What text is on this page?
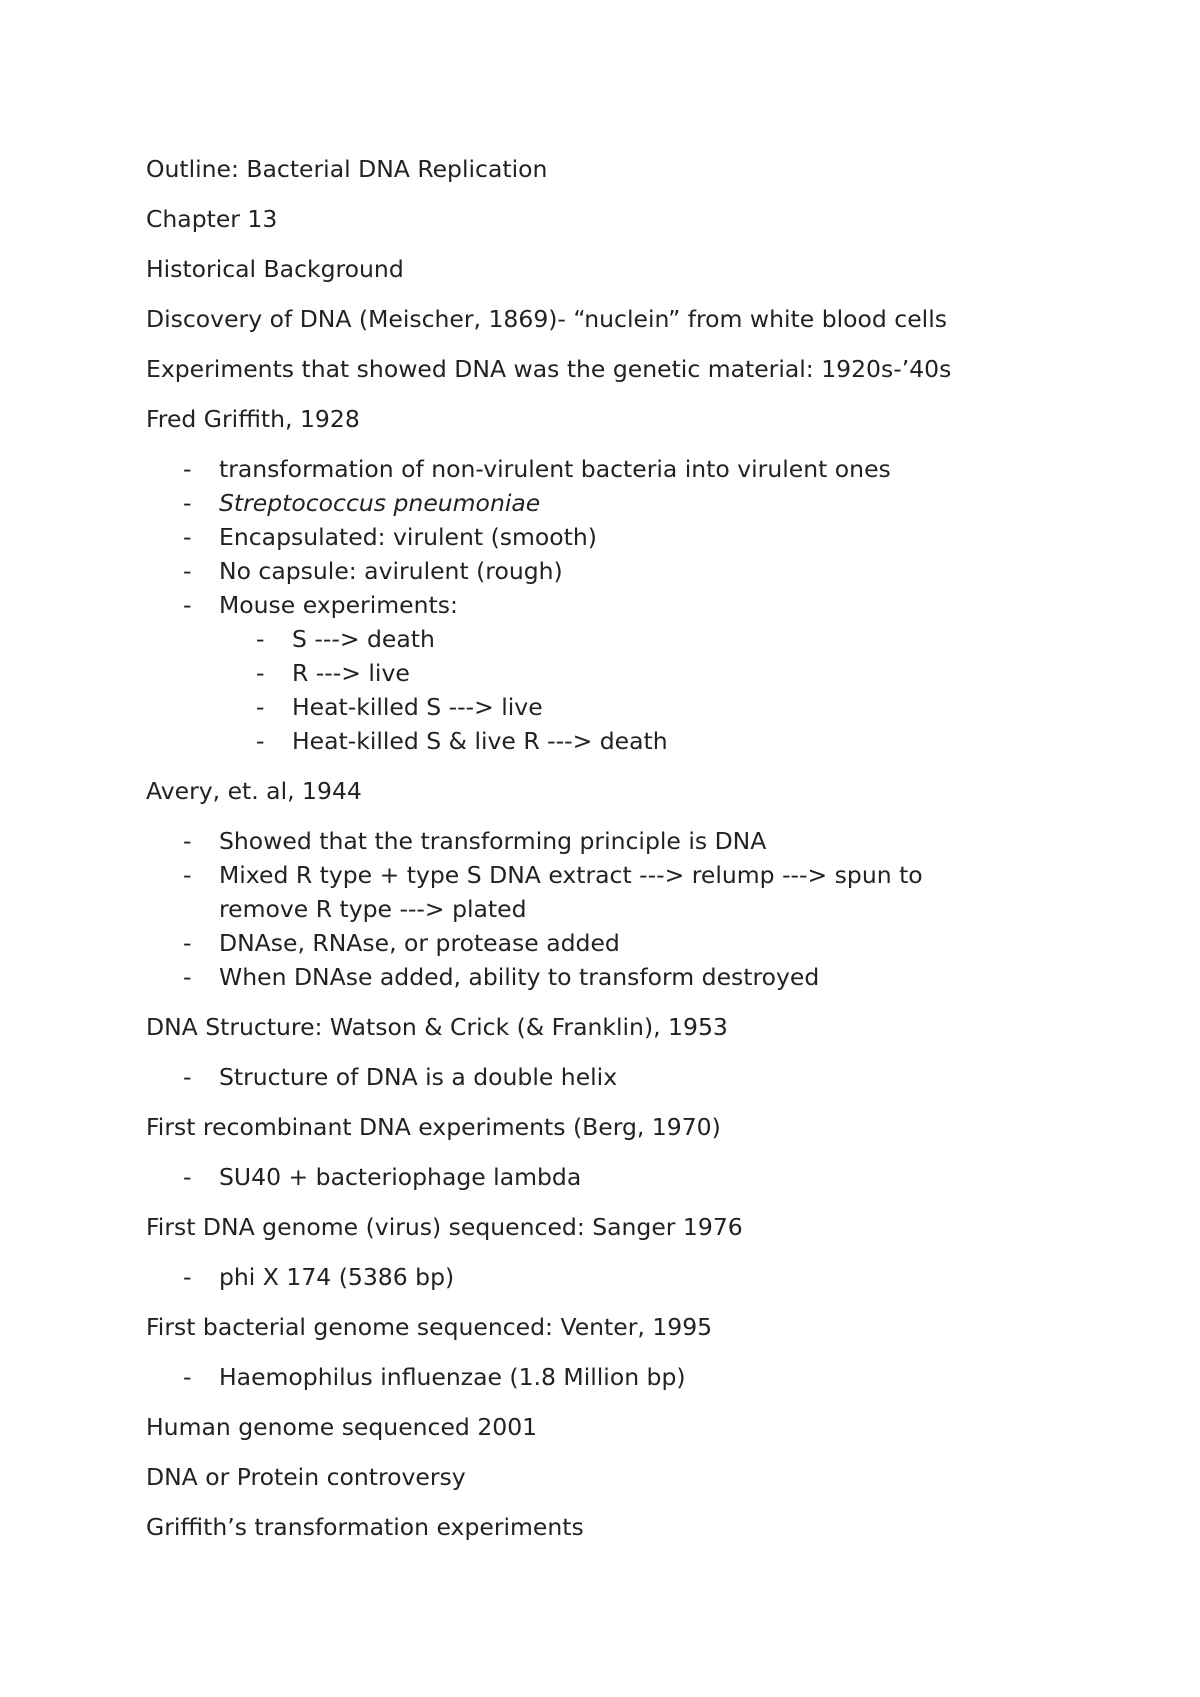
Outline: Bacterial DNA Replication

Chapter 13

Historical Background

Discovery of DNA (Meischer, 1869)- “nuclein” from white blood cells

Experiments that showed DNA was the genetic material: 1920s-’40s

Fred Griffith, 1928

- transformation of non-virulent bacteria into virulent ones
- Streptococcus pneumoniae
- Encapsulated: virulent (smooth)
- No capsule: avirulent (rough)
- Mouse experiments:
- S ---> death
- R ---> live
- Heat-killed S ---> live
- Heat-killed S & live R ---> death

Avery, et. al, 1944

- Showed that the transforming principle is DNA
- Mixed R type + type S DNA extract ---> relump ---> spun to remove R type ---> plated
- DNAse, RNAse, or protease added
- When DNAse added, ability to transform destroyed

DNA Structure: Watson & Crick (& Franklin), 1953

- Structure of DNA is a double helix

First recombinant DNA experiments (Berg, 1970)

- SU40 + bacteriophage lambda

First DNA genome (virus) sequenced: Sanger 1976

- phi X 174 (5386 bp)

First bacterial genome sequenced: Venter, 1995

- Haemophilus influenzae (1.8 Million bp)

Human genome sequenced 2001

DNA or Protein controversy

Griffith’s transformation experiments
